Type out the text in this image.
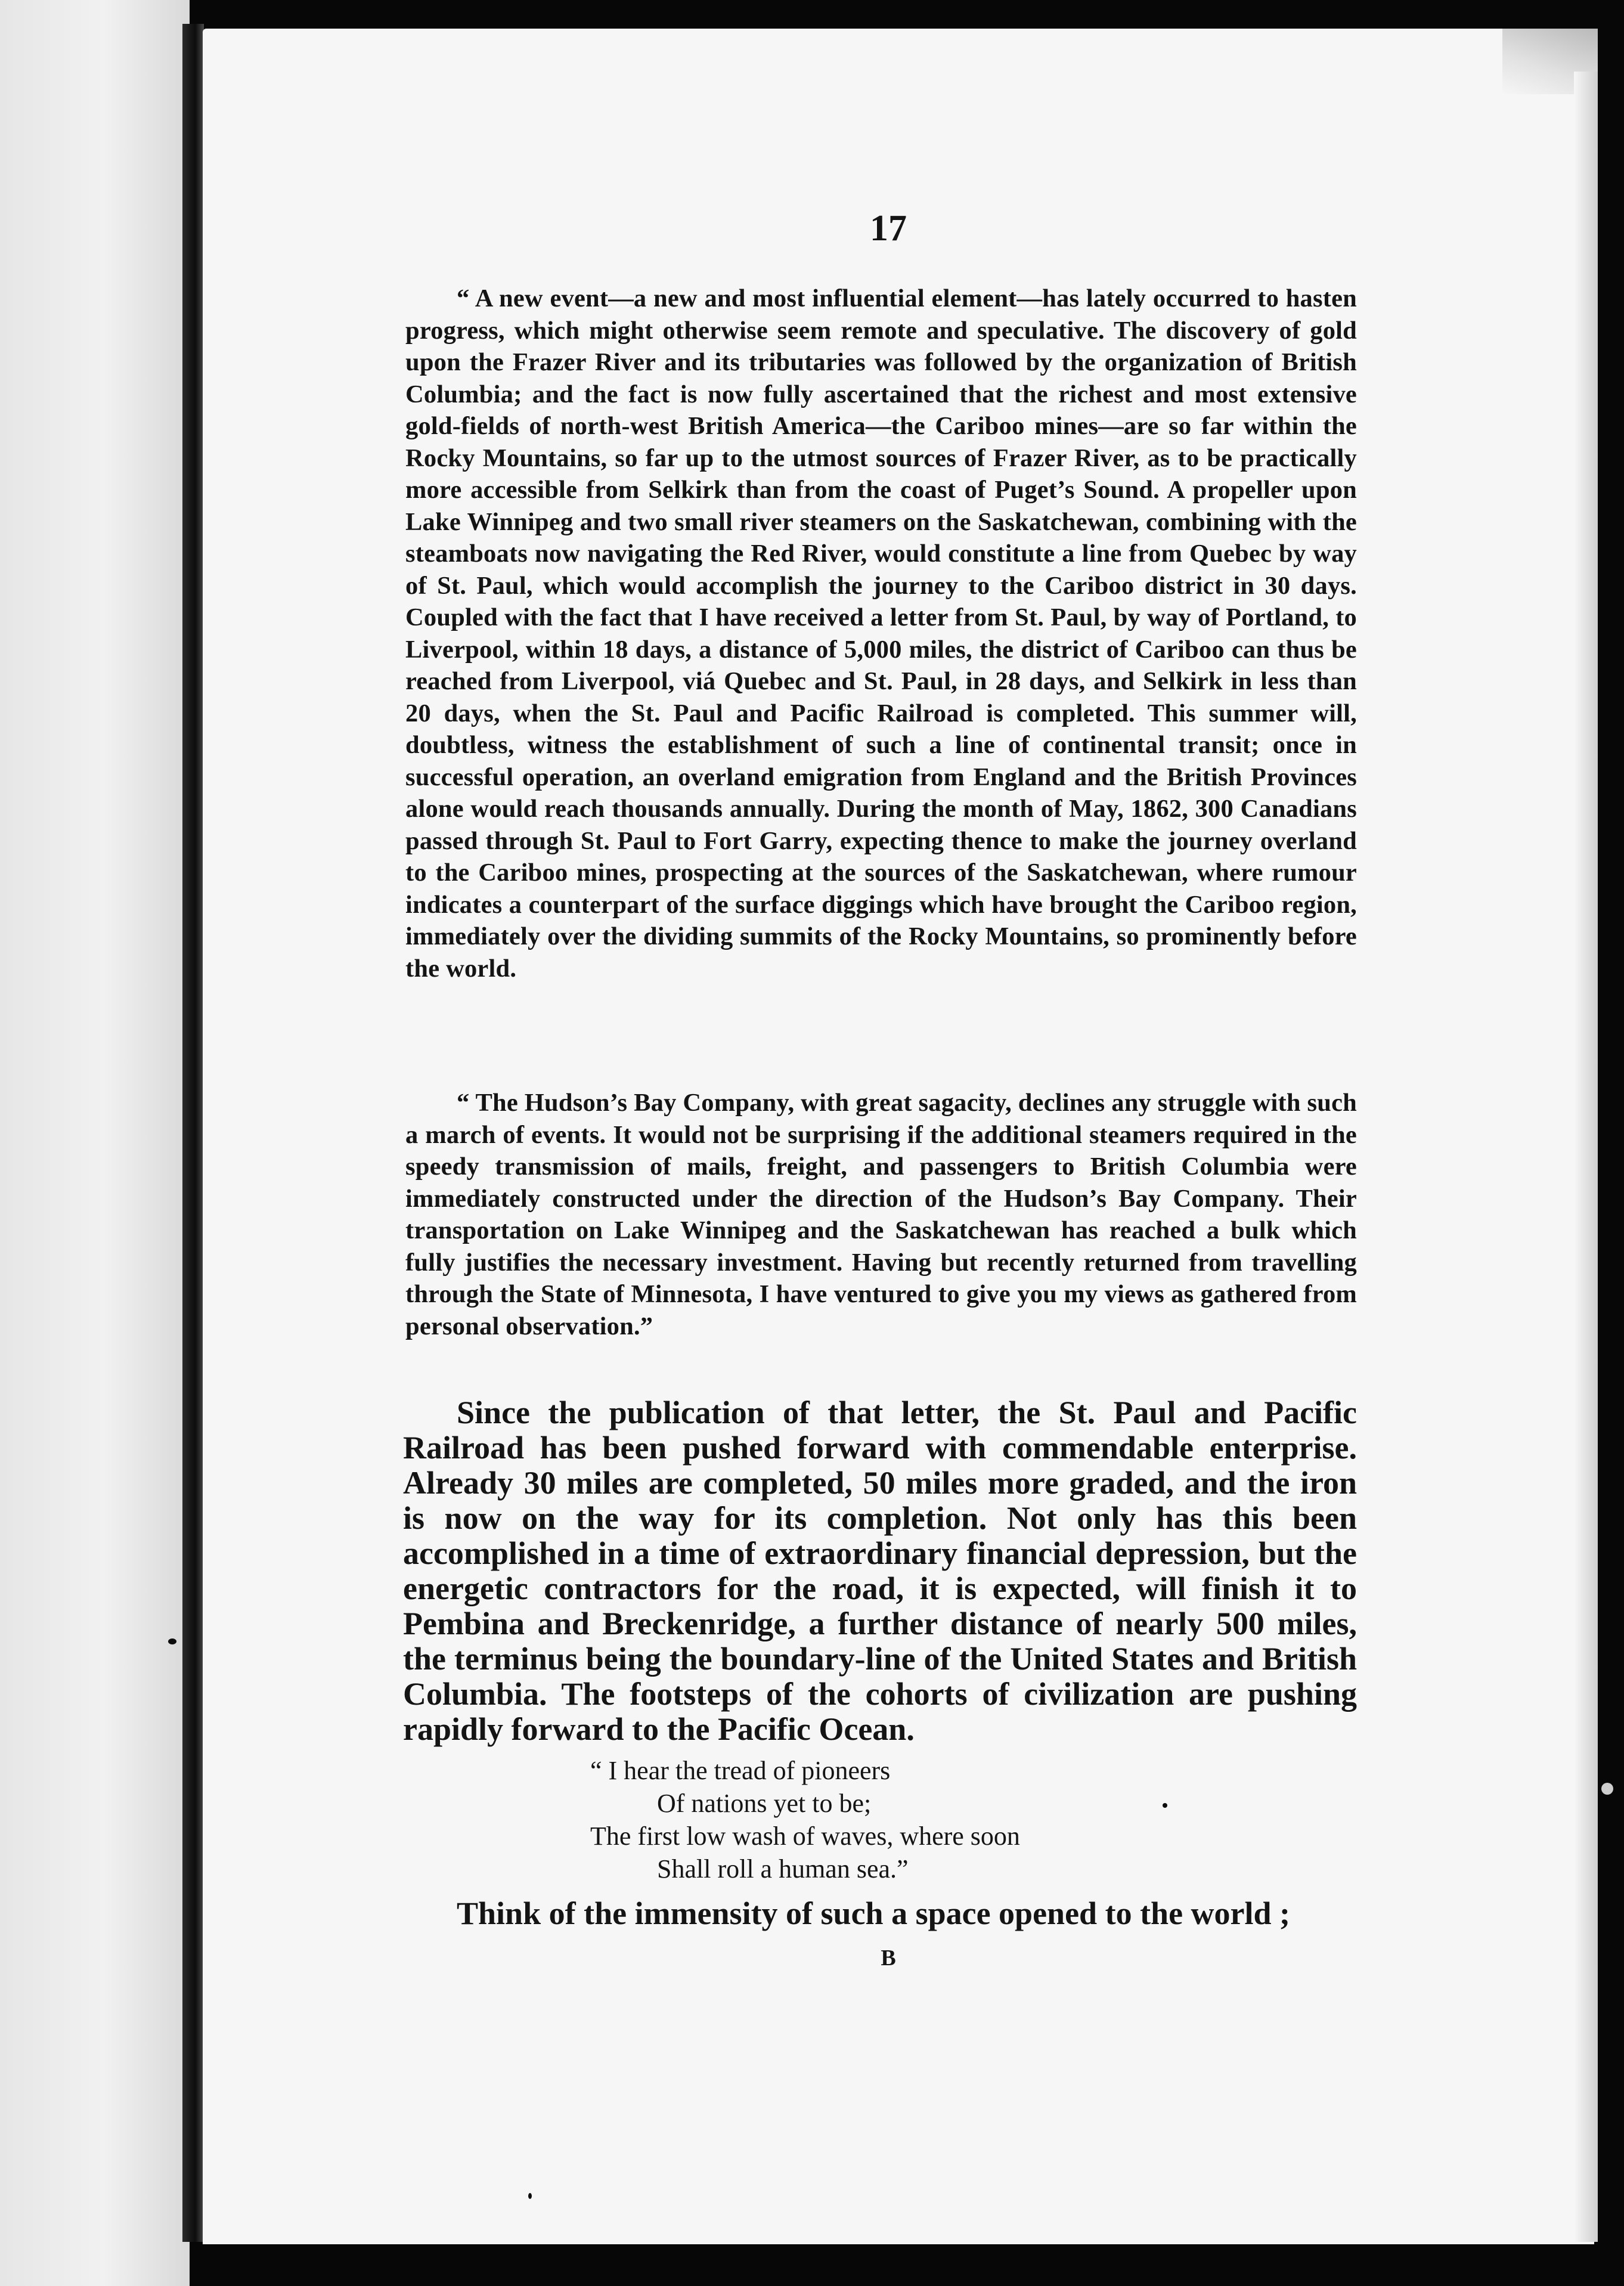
17

“ A new event—a new and most influential element—has lately occurred to hasten progress, which might otherwise seem remote and speculative. The discovery of gold upon the Frazer River and its tributaries was followed by the organization of British Columbia; and the fact is now fully ascertained that the richest and most extensive gold-fields of north-west British America—the Cariboo mines—are so far within the Rocky Mountains, so far up to the utmost sources of Frazer River, as to be practically more accessible from Selkirk than from the coast of Puget’s Sound. A propeller upon Lake Winnipeg and two small river steamers on the Saskatchewan, combining with the steamboats now navigating the Red River, would constitute a line from Quebec by way of St. Paul, which would accomplish the journey to the Cariboo district in 30 days. Coupled with the fact that I have received a letter from St. Paul, by way of Portland, to Liverpool, within 18 days, a distance of 5,000 miles, the district of Cariboo can thus be reached from Liverpool, viá Quebec and St. Paul, in 28 days, and Selkirk in less than 20 days, when the St. Paul and Pacific Railroad is completed. This summer will, doubtless, witness the establishment of such a line of continental transit; once in successful operation, an overland emigration from England and the British Provinces alone would reach thousands annually. During the month of May, 1862, 300 Canadians passed through St. Paul to Fort Garry, expecting thence to make the journey overland to the Cariboo mines, prospecting at the sources of the Saskatchewan, where rumour indicates a counterpart of the surface diggings which have brought the Cariboo region, immediately over the dividing summits of the Rocky Mountains, so prominently before the world.

“ The Hudson’s Bay Company, with great sagacity, declines any struggle with such a march of events. It would not be surprising if the additional steamers required in the speedy transmission of mails, freight, and passengers to British Columbia were immediately constructed under the direction of the Hudson’s Bay Company. Their transportation on Lake Winnipeg and the Saskatchewan has reached a bulk which fully justifies the necessary investment. Having but recently returned from travelling through the State of Minnesota, I have ventured to give you my views as gathered from personal observation.”

Since the publication of that letter, the St. Paul and Pacific Railroad has been pushed forward with commendable enterprise. Already 30 miles are completed, 50 miles more graded, and the iron is now on the way for its completion. Not only has this been accomplished in a time of extraordinary financial depression, but the energetic contractors for the road, it is expected, will finish it to Pembina and Breckenridge, a further distance of nearly 500 miles, the terminus being the boundary-line of the United States and British Columbia. The footsteps of the cohorts of civilization are pushing rapidly forward to the Pacific Ocean.

“ I hear the tread of pioneers

Of nations yet to be;

The first low wash of waves, where soon

Shall roll a human sea.”

Think of the immensity of such a space opened to the world ;

B
